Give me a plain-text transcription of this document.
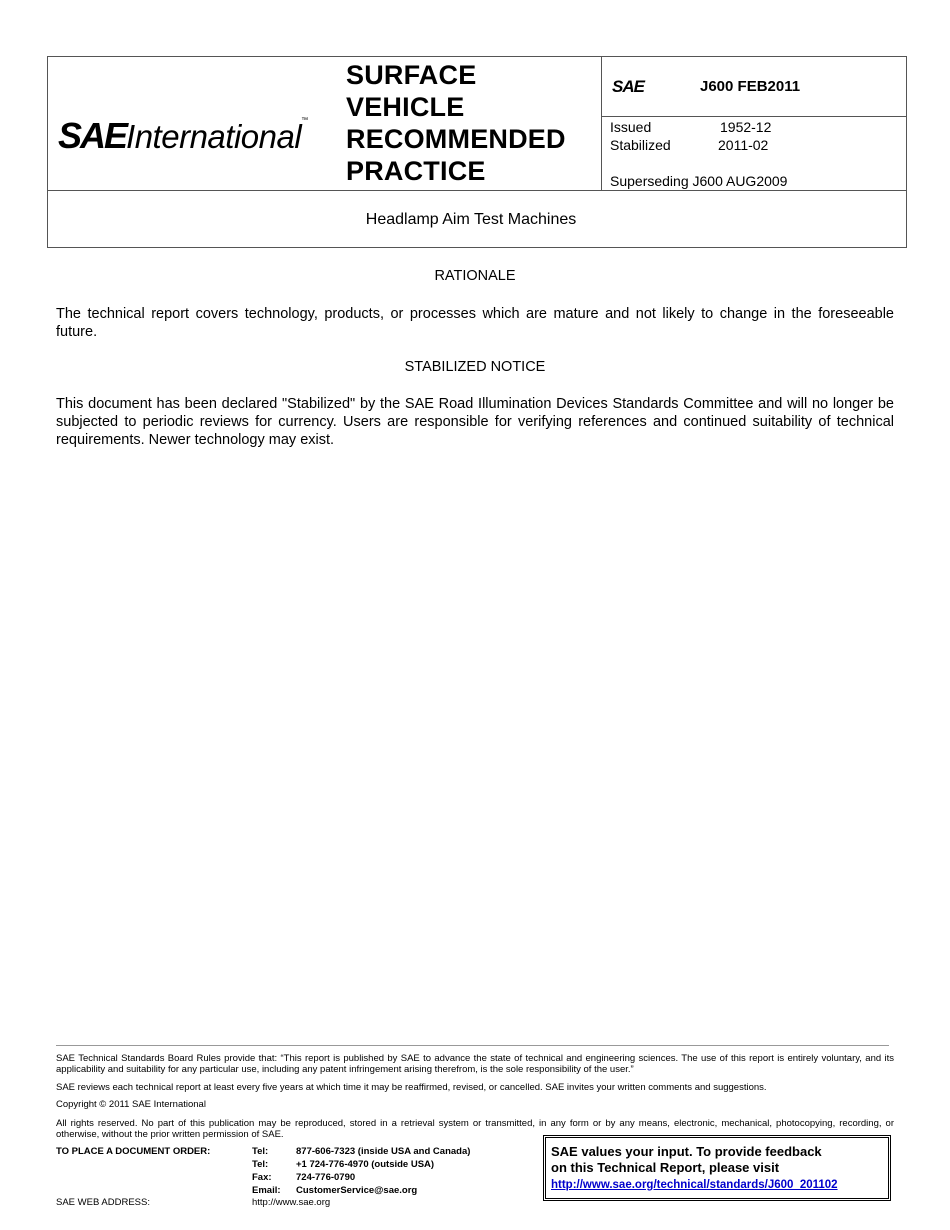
SAEInternational™
SURFACE
VEHICLE
RECOMMENDED
PRACTICE
SAE	J600 FEB2011
Issued	1952-12
Stabilized	2011-02
Superseding J600 AUG2009
Headlamp Aim Test Machines
RATIONALE
The technical report covers technology, products, or processes which are mature and not likely to change in the foreseeable future.
STABILIZED NOTICE
This document has been declared "Stabilized" by the SAE Road Illumination Devices Standards Committee and will no longer be subjected to periodic reviews for currency. Users are responsible for verifying references and continued suitability of technical requirements. Newer technology may exist.
SAE Technical Standards Board Rules provide that: “This report is published by SAE to advance the state of technical and engineering sciences. The use of this report is entirely voluntary, and its applicability and suitability for any particular use, including any patent infringement arising therefrom, is the sole responsibility of the user.”
SAE reviews each technical report at least every five years at which time it may be reaffirmed, revised, or cancelled. SAE invites your written comments and suggestions.
Copyright © 2011 SAE International
All rights reserved. No part of this publication may be reproduced, stored in a retrieval system or transmitted, in any form or by any means, electronic, mechanical, photocopying, recording, or otherwise, without the prior written permission of SAE.
TO PLACE A DOCUMENT ORDER:	Tel:	877-606-7323 (inside USA and Canada)
Tel:	+1 724-776-4970 (outside USA)
Fax:	724-776-0790
Email: CustomerService@sae.org
SAE WEB ADDRESS:	http://www.sae.org
SAE values your input. To provide feedback
on this Technical Report, please visit
http://www.sae.org/technical/standards/J600_201102
